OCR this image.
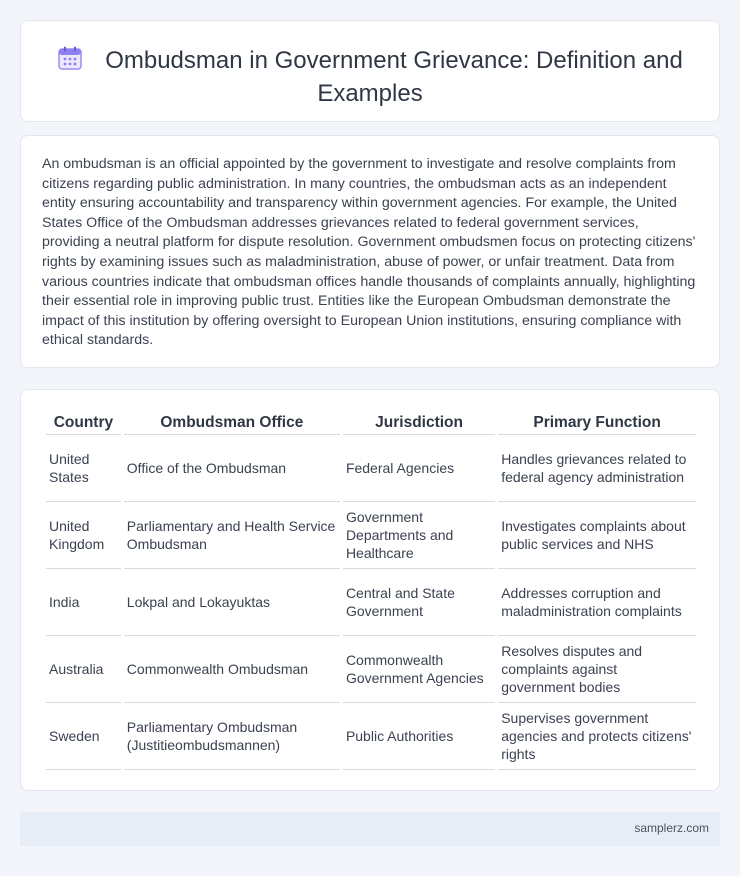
Ombudsman in Government Grievance: Definition and Examples

An ombudsman is an official appointed by the government to investigate and resolve complaints from citizens regarding public administration. In many countries, the ombudsman acts as an independent entity ensuring accountability and transparency within government agencies. For example, the United States Office of the Ombudsman addresses grievances related to federal government services, providing a neutral platform for dispute resolution. Government ombudsmen focus on protecting citizens' rights by examining issues such as maladministration, abuse of power, or unfair treatment. Data from various countries indicate that ombudsman offices handle thousands of complaints annually, highlighting their essential role in improving public trust. Entities like the European Ombudsman demonstrate the impact of this institution by offering oversight to European Union institutions, ensuring compliance with ethical standards.

Country	Ombudsman Office	Jurisdiction	Primary Function
United States	Office of the Ombudsman	Federal Agencies	Handles grievances related to federal agency administration
United Kingdom	Parliamentary and Health Service Ombudsman	Government Departments and Healthcare	Investigates complaints about public services and NHS
India	Lokpal and Lokayuktas	Central and State Government	Addresses corruption and maladministration complaints
Australia	Commonwealth Ombudsman	Commonwealth Government Agencies	Resolves disputes and complaints against government bodies
Sweden	Parliamentary Ombudsman (Justitieombudsmannen)	Public Authorities	Supervises government agencies and protects citizens' rights
samplerz.com
